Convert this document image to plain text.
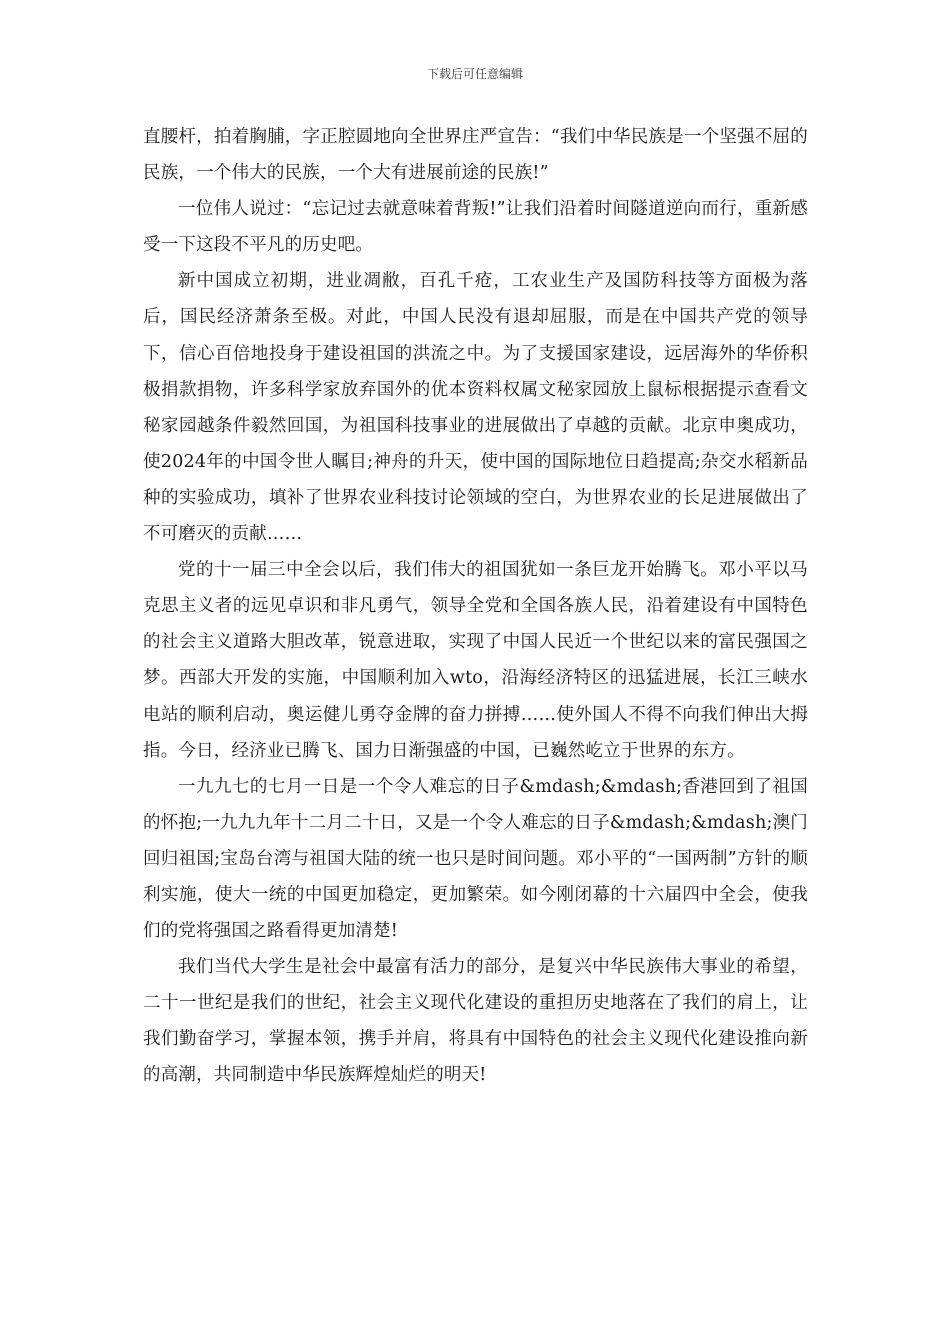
下载后可任意编辑

直腰杆，拍着胸脯，字正腔圆地向全世界庄严宣告：“我们中华民族是一个坚强不屈的民族，一个伟大的民族，一个大有进展前途的民族!”

一位伟人说过：“忘记过去就意味着背叛!”让我们沿着时间隧道逆向而行，重新感受一下这段不平凡的历史吧。

新中国成立初期，进业凋敝，百孔千疮，工农业生产及国防科技等方面极为落后，国民经济萧条至极。对此，中国人民没有退却屈服，而是在中国共产党的领导下，信心百倍地投身于建设祖国的洪流之中。为了支援国家建设，远居海外的华侨积极捐款捐物，许多科学家放弃国外的优本资料权属文秘家园放上鼠标根据提示查看文秘家园越条件毅然回国，为祖国科技事业的进展做出了卓越的贡献。北京申奥成功，使2024年的中国令世人瞩目;神舟的升天，使中国的国际地位日趋提高;杂交水稻新品种的实验成功，填补了世界农业科技讨论领域的空白，为世界农业的长足进展做出了不可磨灭的贡献……

党的十一届三中全会以后，我们伟大的祖国犹如一条巨龙开始腾飞。邓小平以马克思主义者的远见卓识和非凡勇气，领导全党和全国各族人民，沿着建设有中国特色的社会主义道路大胆改革，锐意进取，实现了中国人民近一个世纪以来的富民强国之梦。西部大开发的实施，中国顺利加入wto，沿海经济特区的迅猛进展，长江三峡水电站的顺利启动，奥运健儿勇夺金牌的奋力拼搏……使外国人不得不向我们伸出大拇指。今日，经济业已腾飞、国力日渐强盛的中国，已巍然屹立于世界的东方。

一九九七的七月一日是一个令人难忘的日子&mdash;&mdash;香港回到了祖国的怀抱;一九九九年十二月二十日，又是一个令人难忘的日子&mdash;&mdash;澳门回归祖国;宝岛台湾与祖国大陆的统一也只是时间问题。邓小平的“一国两制”方针的顺利实施，使大一统的中国更加稳定，更加繁荣。如今刚闭幕的十六届四中全会，使我们的党将强国之路看得更加清楚!

我们当代大学生是社会中最富有活力的部分，是复兴中华民族伟大事业的希望，二十一世纪是我们的世纪，社会主义现代化建设的重担历史地落在了我们的肩上，让我们勤奋学习，掌握本领，携手并肩，将具有中国特色的社会主义现代化建设推向新的高潮，共同制造中华民族辉煌灿烂的明天!
